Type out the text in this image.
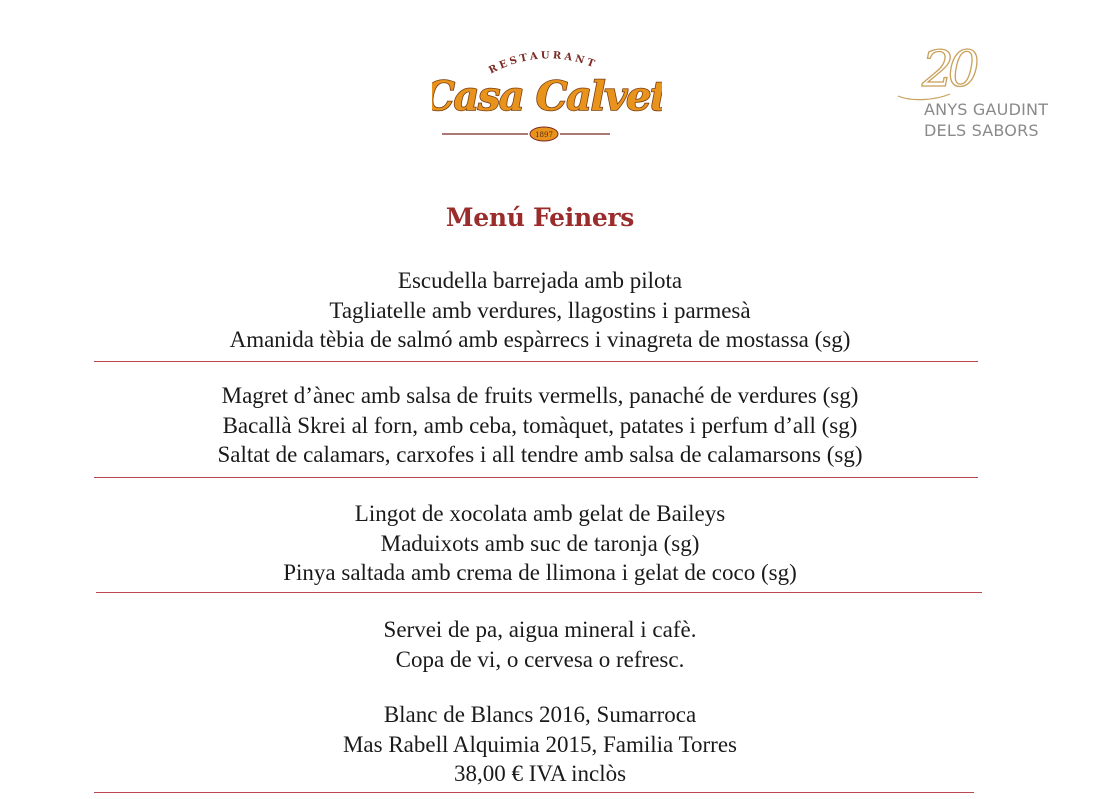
RESTAURANT
Casa Calvet
1897
20
ANYS GAUDINT
DELS SABORS
Menú Feiners
Escudella barrejada amb pilota
Tagliatelle amb verdures, llagostins i parmesà
Amanida tèbia de salmó amb espàrrecs i vinagreta de mostassa (sg)
Magret d’ànec amb salsa de fruits vermells, panaché de verdures (sg)
Bacallà Skrei al forn, amb ceba, tomàquet, patates i perfum d’all (sg)
Saltat de calamars, carxofes i all tendre amb salsa de calamarsons (sg)
Lingot de xocolata amb gelat de Baileys
Maduixots amb suc de taronja (sg)
Pinya saltada amb crema de llimona i gelat de coco (sg)
Servei de pa, aigua mineral i cafè.
Copa de vi, o cervesa o refresc.
Blanc de Blancs 2016, Sumarroca
Mas Rabell Alquimia 2015, Familia Torres
38,00 € IVA inclòs
